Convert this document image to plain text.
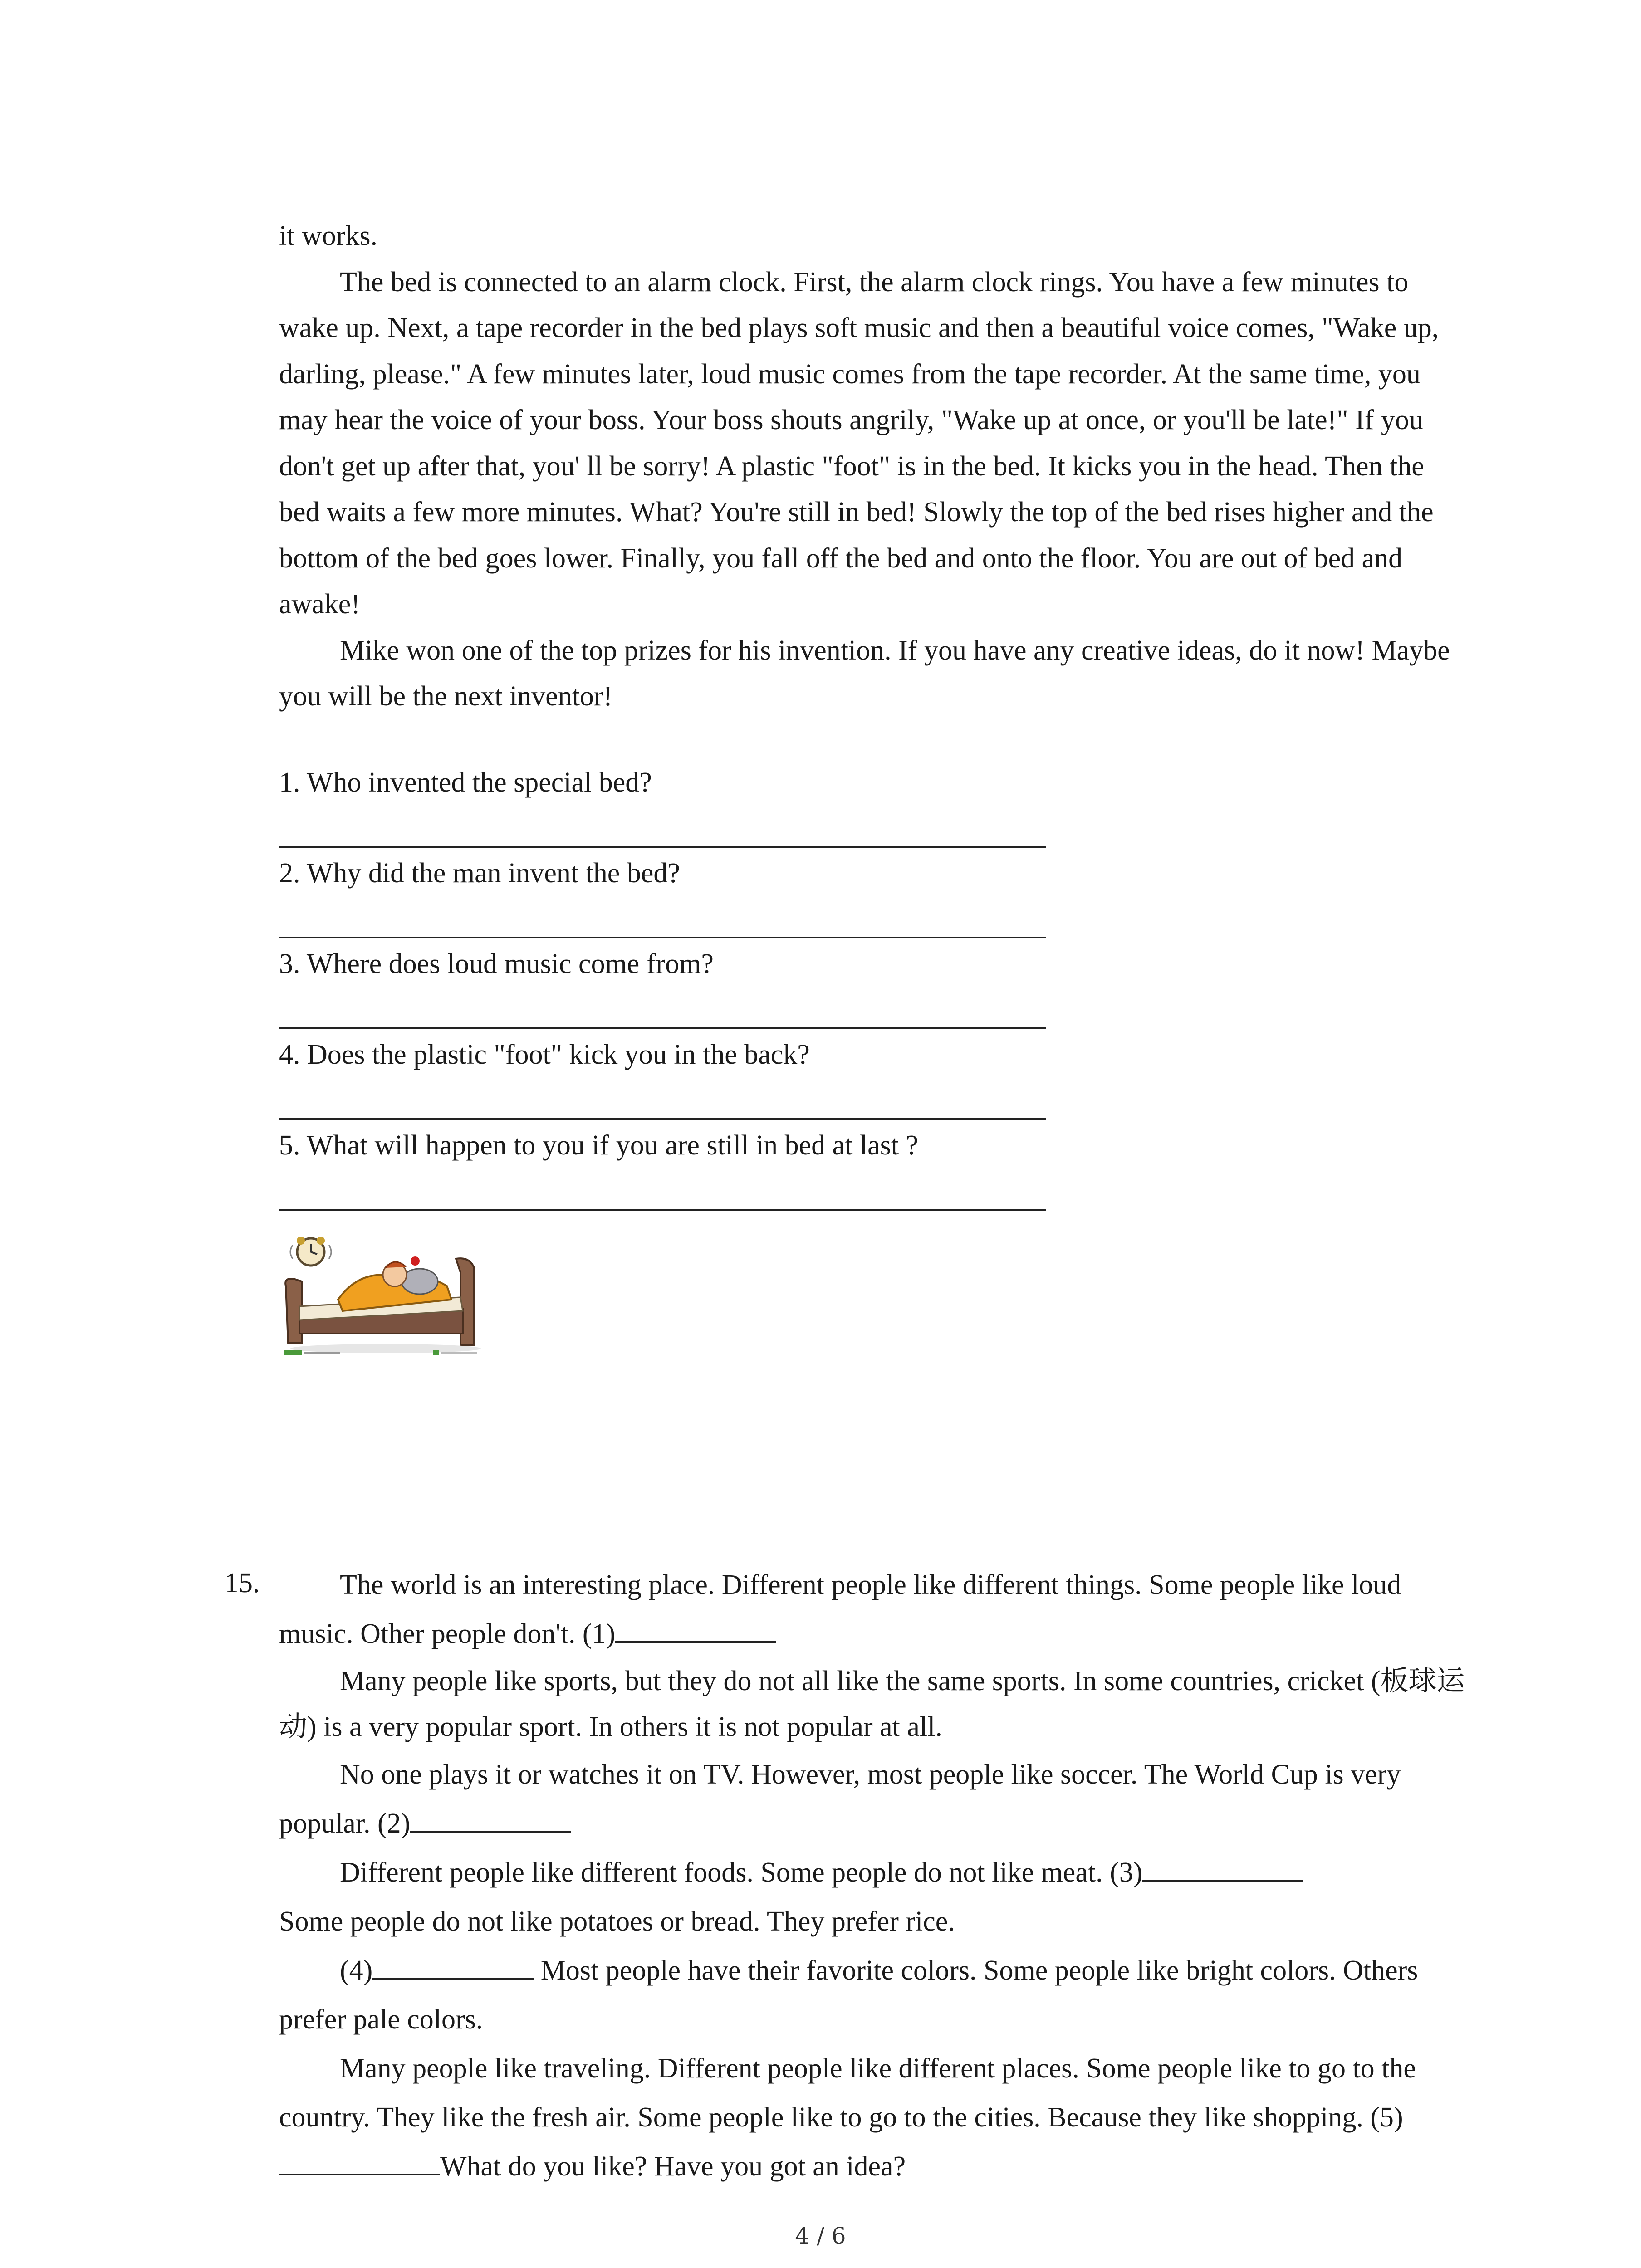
it works.

The bed is connected to an alarm clock. First, the alarm clock rings. You have a few minutes to wake up. Next, a tape recorder in the bed plays soft music and then a beautiful voice comes, "Wake up, darling, please." A few minutes later, loud music comes from the tape recorder. At the same time, you may hear the voice of your boss. Your boss shouts angrily, "Wake up at once, or you'll be late!" If you don't get up after that, you' ll be sorry! A plastic "foot" is in the bed. It kicks you in the head. Then the bed waits a few more minutes. What? You're still in bed! Slowly the top of the bed rises higher and the bottom of the bed goes lower. Finally, you fall off the bed and onto the floor. You are out of bed and awake!

Mike won one of the top prizes for his invention. If you have any creative ideas, do it now! Maybe you will be the next inventor!

1. Who invented the special bed?
2. Why did the man invent the bed?
3. Where does loud music come from?
4. Does the plastic "foot" kick you in the back?
5. What will happen to you if you are still in bed at last ?
15.	The world is an interesting place. Different people like different things. Some people like loud music. Other people don't. (1)

Many people like sports, but they do not all like the same sports. In some countries, cricket (板球运动) is a very popular sport. In others it is not popular at all.

No one plays it or watches it on TV. However, most people like soccer. The World Cup is very popular. (2)

Different people like different foods. Some people do not like meat. (3)
Some people do not like potatoes or bread. They prefer rice.

(4)	Most people have their favorite colors. Some people like bright colors. Others prefer pale colors.

Many people like traveling. Different people like different places. Some people like to go to the country. They like the fresh air. Some people like to go to the cities. Because they like shopping. (5)What do you like? Have you got an idea?

4 / 6
